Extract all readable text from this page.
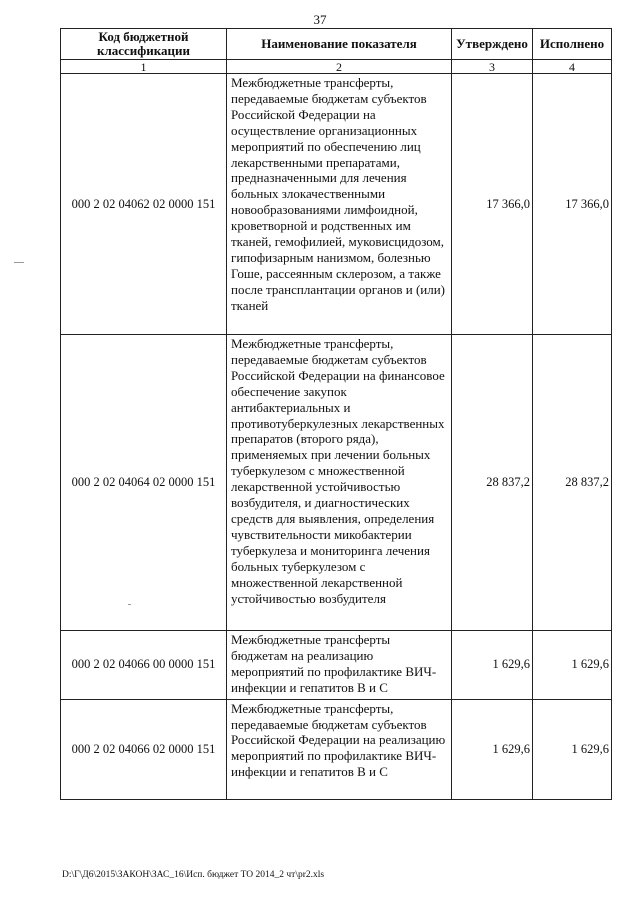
37
Код бюджетной классификации	Наименование показателя	Утверждено	Исполнено
1	2	3	4
000 2 02 04062 02 0000 151	Межбюджетные трансферты, передаваемые бюджетам субъектов Российской Федерации на осуществление организационных мероприятий по обеспечению лиц лекарственными препаратами, предназначенными для лечения больных злокачественными новообразованиями лимфоидной, кроветворной и родственных им тканей, гемофилией, муковисцидозом, гипофизарным нанизмом, болезнью Гоше, рассеянным склерозом, а также после трансплантации органов и (или) тканей	17 366,0	17 366,0
000 2 02 04064 02 0000 151	Межбюджетные трансферты, передаваемые бюджетам субъектов Российской Федерации на финансовое обеспечение закупок антибактериальных и противотуберкулезных лекарственных препаратов (второго ряда), применяемых при лечении больных туберкулезом с множественной лекарственной устойчивостью возбудителя, и диагностических средств для выявления, определения чувствительности микобактерии туберкулеза и мониторинга лечения больных туберкулезом с множественной лекарственной устойчивостью возбудителя	28 837,2	28 837,2
000 2 02 04066 00 0000 151	Межбюджетные трансферты бюджетам на реализацию мероприятий по профилактике ВИЧ-инфекции и гепатитов В и С	1 629,6	1 629,6
000 2 02 04066 02 0000 151	Межбюджетные трансферты, передаваемые бюджетам субъектов Российской Федерации на реализацию мероприятий по профилактике ВИЧ-инфекции и гепатитов В и С	1 629,6	1 629,6
D:\Г\Д6\2015\ЗАКОН\ЗАС_16\Исп. бюджет ТО 2014_2 чт\pr2.xls
